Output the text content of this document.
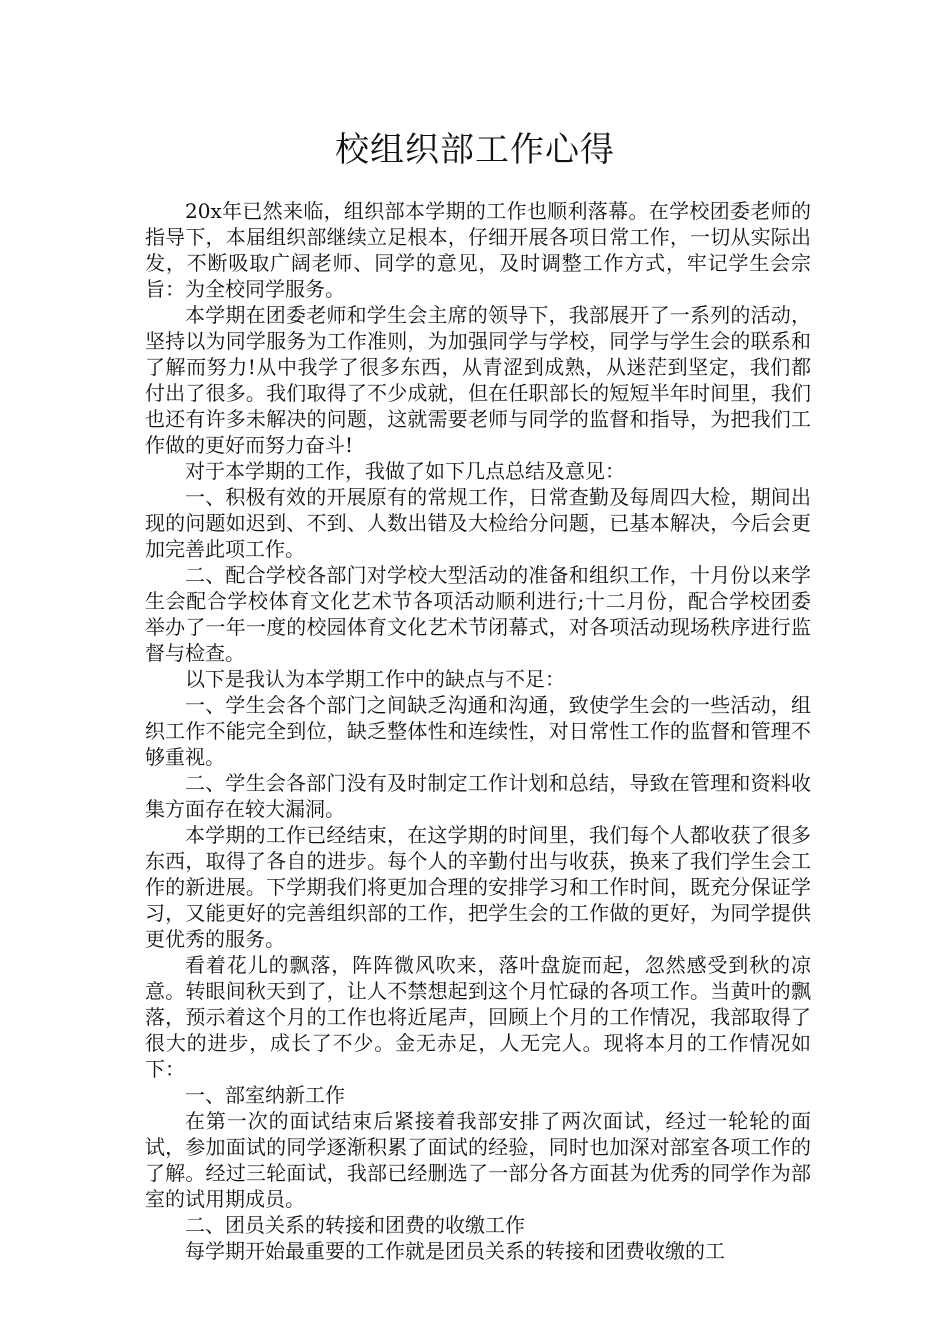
校组织部工作心得

20x年已然来临，组织部本学期的工作也顺利落幕。在学校团委老师的指导下，本届组织部继续立足根本，仔细开展各项日常工作，一切从实际出发，不断吸取广阔老师、同学的意见，及时调整工作方式，牢记学生会宗旨：为全校同学服务。

本学期在团委老师和学生会主席的领导下，我部展开了一系列的活动，坚持以为同学服务为工作准则，为加强同学与学校，同学与学生会的联系和了解而努力!从中我学了很多东西，从青涩到成熟，从迷茫到坚定，我们都付出了很多。我们取得了不少成就，但在任职部长的短短半年时间里，我们也还有许多未解决的问题，这就需要老师与同学的监督和指导，为把我们工作做的更好而努力奋斗!

对于本学期的工作，我做了如下几点总结及意见：

一、积极有效的开展原有的常规工作，日常查勤及每周四大检，期间出现的问题如迟到、不到、人数出错及大检给分问题，已基本解决，今后会更加完善此项工作。

二、配合学校各部门对学校大型活动的准备和组织工作，十月份以来学生会配合学校体育文化艺术节各项活动顺利进行;十二月份，配合学校团委举办了一年一度的校园体育文化艺术节闭幕式，对各项活动现场秩序进行监督与检查。

以下是我认为本学期工作中的缺点与不足：

一、学生会各个部门之间缺乏沟通和沟通，致使学生会的一些活动，组织工作不能完全到位，缺乏整体性和连续性，对日常性工作的监督和管理不够重视。

二、学生会各部门没有及时制定工作计划和总结，导致在管理和资料收集方面存在较大漏洞。

本学期的工作已经结束，在这学期的时间里，我们每个人都收获了很多东西，取得了各自的进步。每个人的辛勤付出与收获，换来了我们学生会工作的新进展。下学期我们将更加合理的安排学习和工作时间，既充分保证学习，又能更好的完善组织部的工作，把学生会的工作做的更好，为同学提供更优秀的服务。

看着花儿的飘落，阵阵微风吹来，落叶盘旋而起，忽然感受到秋的凉意。转眼间秋天到了，让人不禁想起到这个月忙碌的各项工作。当黄叶的飘落，预示着这个月的工作也将近尾声，回顾上个月的工作情况，我部取得了很大的进步，成长了不少。金无赤足，人无完人。现将本月的工作情况如下：

一、部室纳新工作

在第一次的面试结束后紧接着我部安排了两次面试，经过一轮轮的面试，参加面试的同学逐渐积累了面试的经验，同时也加深对部室各项工作的了解。经过三轮面试，我部已经删选了一部分各方面甚为优秀的同学作为部室的试用期成员。

二、团员关系的转接和团费的收缴工作

每学期开始最重要的工作就是团员关系的转接和团费收缴的工
